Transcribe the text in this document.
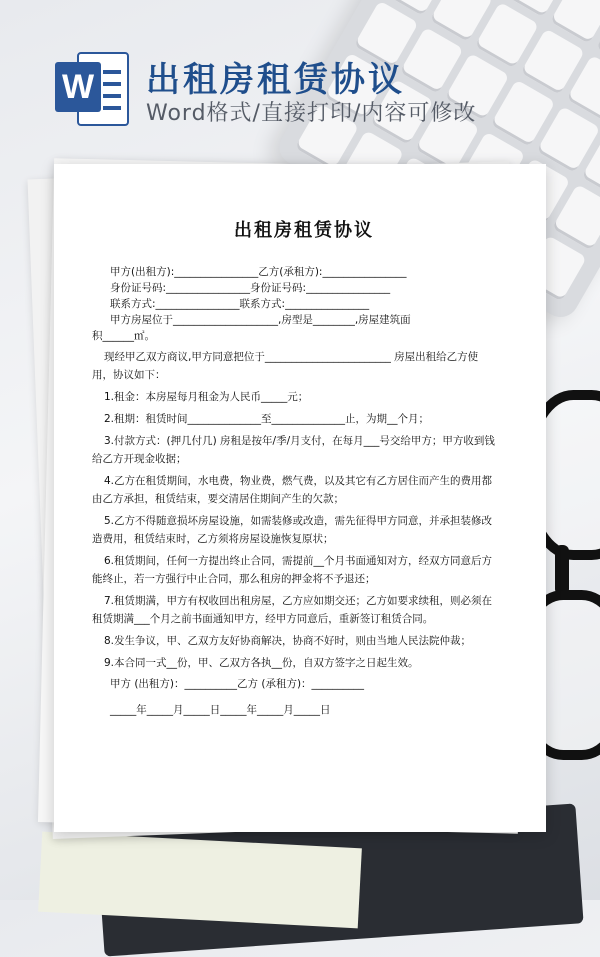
W 出租房租赁协议
Word格式/直接打印/内容可修改
出租房租赁协议

甲方(出租方):________________乙方(承租方):________________

身份证号码:________________身份证号码:________________

联系方式:________________联系方式:________________

甲方房屋位于____________________,房型是________,房屋建筑面

积______㎡。

现经甲乙双方商议,甲方同意把位于________________________ 房屋出租给乙方使用，协议如下：

1.租金：本房屋每月租金为人民币_____元；

2.租期：租赁时间______________至______________止，为期__个月；

3.付款方式：(押几付几) 房租是按年/季/月支付，在每月___号交给甲方；甲方收到钱给乙方开现金收据；

4.乙方在租赁期间，水电费，物业费，燃气费，以及其它有乙方居住而产生的费用都由乙方承担，租赁结束，要交清居住期间产生的欠款；

5.乙方不得随意损坏房屋设施，如需装修或改造，需先征得甲方同意，并承担装修改造费用，租赁结束时，乙方须将房屋设施恢复原状；

6.租赁期间，任何一方提出终止合同，需提前__个月书面通知对方，经双方同意后方能终止，若一方强行中止合同，那么租房的押金将不予退还；

7.租赁期满，甲方有权收回出租房屋，乙方应如期交还；乙方如要求续租，则必须在租赁期满___个月之前书面通知甲方，经甲方同意后，重新签订租赁合同。

8.发生争议，甲、乙双方友好协商解决，协商不好时，则由当地人民法院仲裁；

9.本合同一式__份，甲、乙双方各执__份，自双方签字之日起生效。

甲方 (出租方)：__________乙方 (承租方)：__________

_____年_____月_____日_____年_____月_____日
